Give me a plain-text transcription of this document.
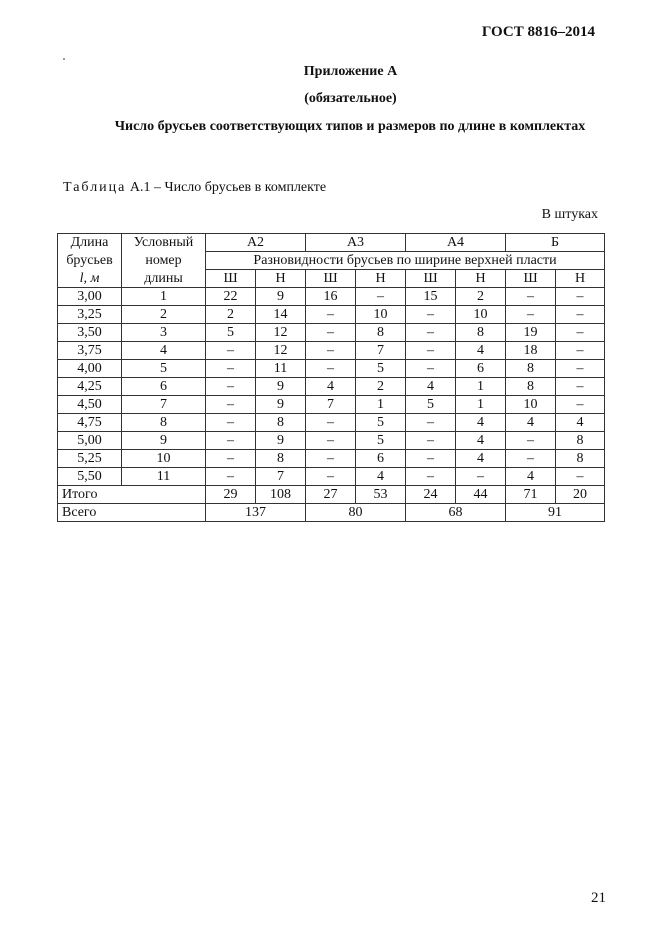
ГОСТ 8816–2014
Приложение А
(обязательное)
Число брусьев соответствующих типов и размеров по длине в комплектах
Таблица А.1 – Число брусьев в комплекте
В штуках
Длина	Условный	А2		А3		А4		Б	
брусьев	номер	Разновидности брусьев по ширине верхней пласти							
l, м	длины	Ш	Н	Ш	Н	Ш	Н	Ш	Н
3,00	1	22	9	16	–	15	2	–	–
3,25	2	2	14	–	10	–	10	–	–
3,50	3	5	12	–	8	–	8	19	–
3,75	4	–	12	–	7	–	4	18	–
4,00	5	–	11	–	5	–	6	8	–
4,25	6	–	9	4	2	4	1	8	–
4,50	7	–	9	7	1	5	1	10	–
4,75	8	–	8	–	5	–	4	4	4
5,00	9	–	9	–	5	–	4	–	8
5,25	10	–	8	–	6	–	4	–	8
5,50	11	–	7	–	4	–	–	4	–
Итого		29	108	27	53	24	44	71	20
Всего		137		80		68		91	
21
